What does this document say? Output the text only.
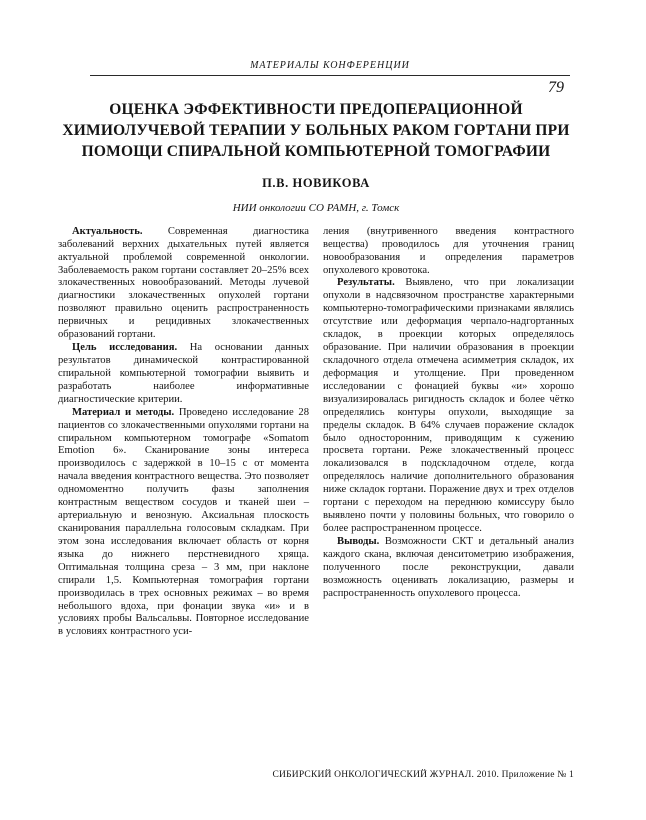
МАТЕРИАЛЫ КОНФЕРЕНЦИИ
79
ОЦЕНКА ЭФФЕКТИВНОСТИ ПРЕДОПЕРАЦИОННОЙ ХИМИОЛУЧЕВОЙ ТЕРАПИИ У БОЛЬНЫХ РАКОМ ГОРТАНИ ПРИ ПОМОЩИ СПИРАЛЬНОЙ КОМПЬЮТЕРНОЙ ТОМОГРАФИИ
П.В. НОВИКОВА
НИИ онкологии СО РАМН, г. Томск

Актуальность. Современная диагностика заболеваний верхних дыхательных путей является актуальной проблемой современной онкологии. Заболеваемость раком гортани составляет 20–25% всех злокачественных новообразований. Методы лучевой диагностики злокачественных опухолей гортани позволяют правильно оценить распространенность первичных и рецидивных злокачественных образований гортани.

Цель исследования. На основании данных результатов динамической контрастированной спиральной компьютерной томографии выявить и разработать наиболее информативные диагностические критерии.

Материал и методы. Проведено исследование 28 пациентов со злокачественными опухолями гортани на спиральном компьютерном томографе «Somatom Emotion 6». Сканирование зоны интереса производилось с задержкой в 10–15 с от момента начала введения контрастного вещества. Это позволяет одномоментно получить фазы заполнения контрастным веществом сосудов и тканей шеи – артериальную и венозную. Аксиальная плоскость сканирования параллельна голосовым складкам. При этом зона исследования включает область от корня языка до нижнего перстневидного хряща. Оптимальная толщина среза – 3 мм, при наклоне спирали 1,5. Компьютерная томография гортани производилась в трех основных режимах – во время небольшого вдоха, при фонации звука «и» и в условиях пробы Вальсальвы. Повторное исследование в условиях контрастного уси-

ления (внутривенного введения контрастного вещества) проводилось для уточнения границ новообразования и определения параметров опухолевого кровотока.

Результаты. Выявлено, что при локализации опухоли в надсвязочном пространстве характерными компьютерно-томографическими признаками являлись отсутствие или деформация черпало-надгортанных складок, в проекции которых определялось образование. При наличии образования в проекции складочного отдела отмечена асимметрия складок, их деформация и утолщение. При проведенном исследовании с фонацией буквы «и» хорошо визуализировалась ригидность складок и более чётко определялись контуры опухоли, выходящие за пределы складок. В 64% случаев поражение складок было односторонним, приводящим к сужению просвета гортани. Реже злокачественный процесс локализовался в подскладочном отделе, когда определялось наличие дополнительного образования ниже складок гортани. Поражение двух и трех отделов гортани с переходом на переднюю комиссуру было выявлено почти у половины больных, что говорило о более распространенном процессе.

Выводы. Возможности СКТ и детальный анализ каждого скана, включая денситометрию изображения, полученного после реконструкции, давали возможность оценивать локализацию, размеры и распространенность опухолевого процесса.

СИБИРСКИЙ ОНКОЛОГИЧЕСКИЙ ЖУРНАЛ. 2010. Приложение № 1
